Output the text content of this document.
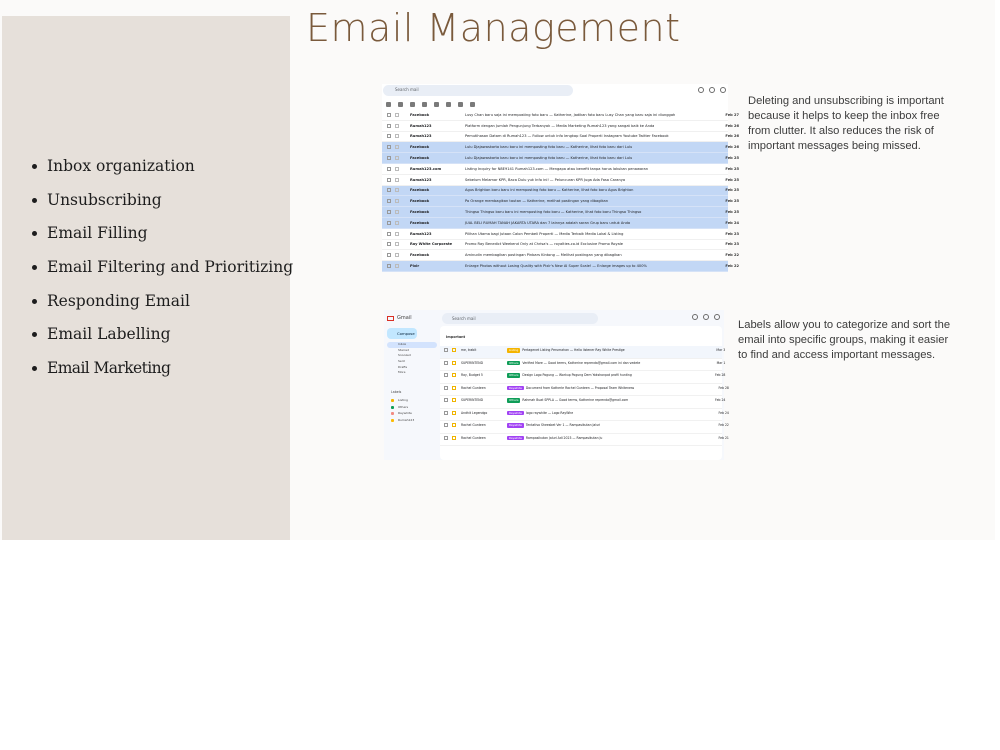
Inbox organization
Unsubscribing
Email Filling
Email Filtering and Prioritizing
Responding Email
Email Labelling
Email Marketing
Email Management
Search mail
Facebook	Lusy Chan baru saja ini memposting foto baru — Katherine, Jadikan foto baru Lusy Chan yang baru saja ini diunggah	Feb 27
Rumah123	Platform dengan Jumlah Pengunjung Terbanyak — Media Marketing Rumah123 yang sangat baik ke Anda	Feb 26
Rumah123	Pemutihasan Datam di Rumah123 — Follow untuk info lengkap Soal Properti Instagram Youtube Twitter Facebook	Feb 26
Facebook	Lulu Djajawaskarta baru baru ini memposting foto baru — Katherine, lihat foto baru dari Lulu	Feb 26
Facebook	Lulu Djajawaskarta baru baru ini memposting foto baru — Katherine, lihat foto baru dari Lulu	Feb 25
Rumah123.com	Listing Inquiry for N8E9141 Rumah123.com — Mengapa atau benefit tanpa harus lakukan penawaran	Feb 25
Rumah123	Sebelum Melamar KPR, Baca Dulu yuk Info ini! — Peluncuran KPR Juga Ada Fasa Caranya	Feb 25
Facebook	Agus Brighton baru baru ini memposting foto baru — Katherine, lihat foto baru Agus Brighton	Feb 25
Facebook	Po Orange membagikan tautan — Katherine, melihat postingan yang dibagikan	Feb 25
Facebook	Thingso Thingso baru baru ini memposting foto baru — Katherine, lihat foto baru Thingso Thingso	Feb 25
Facebook	JUAL BELI RUMAH TANAH JAKARTA UTARA dan 7 lainnya adalah saran Grup baru untuk Anda	Feb 24
Rumah123	Pilihan Utama bagi Jutaan Calon Pembeli Properti — Media Terbaik Media Lokal & Listing	Feb 23
Ray White Corporate	Promo Ray Benedict Weekend Only at Chrisa's — royalties.co.id Exclusive Promo Royale	Feb 23
Facebook	Aminudin membagikan postingan Pinbars Kintong — Melihat postingan yang dibagikan	Feb 22
Pixlr	Enlarge Photos without Losing Quality with Pixlr's New AI Super Scale! — Enlarge images up to 400%	Feb 22
Deleting and unsubscribing is important because it helps to keep the inbox free from clutter. It also reduces the risk of important messages being missed.
Gmail	Search mail
Compose
Inbox
Starred
Snoozed
Sent
Drafts
More
Labels
Listing
Others
Raywhite
Rumah123
Important
me, trabit	Listing	Pertagenet Listing Perumahan — Hello listener Ray White Prestige	Mar 3
SUPERINTEND	Others	Verified More — Good terms, Katherine reprenda@gmail.com ini dan vedete	Mar 1
Ray, Budget 5	Others	Design Logo Pogung — Workup Pogung Dem Yokshonpat profil hunting	Feb 28
Rachel Gunteen	Raywhite	Document from Katherle Rachel Gunteen — Proposal Team Whiteness	Feb 28
SUPERINTEND	Others	Rahmah Buat SPPLA — Good terms, Katherine reprenda@gmail.com	Feb 24
Andhit Legendgo	Raywhite	logo raywhite — Logo RayWhe	Feb 24
Rachel Gunteen	Raywhite	Tentativo Sheesbet Ver 1 — Rampasikutan Jaluri	Feb 22
Rachel Gunteen	Raywhite	Rampasikutan Jaluri Adi 2023 — Rampasikutan Ju	Feb 21
Labels allow you to categorize and sort the email into specific groups, making it easier to find and access important messages.
